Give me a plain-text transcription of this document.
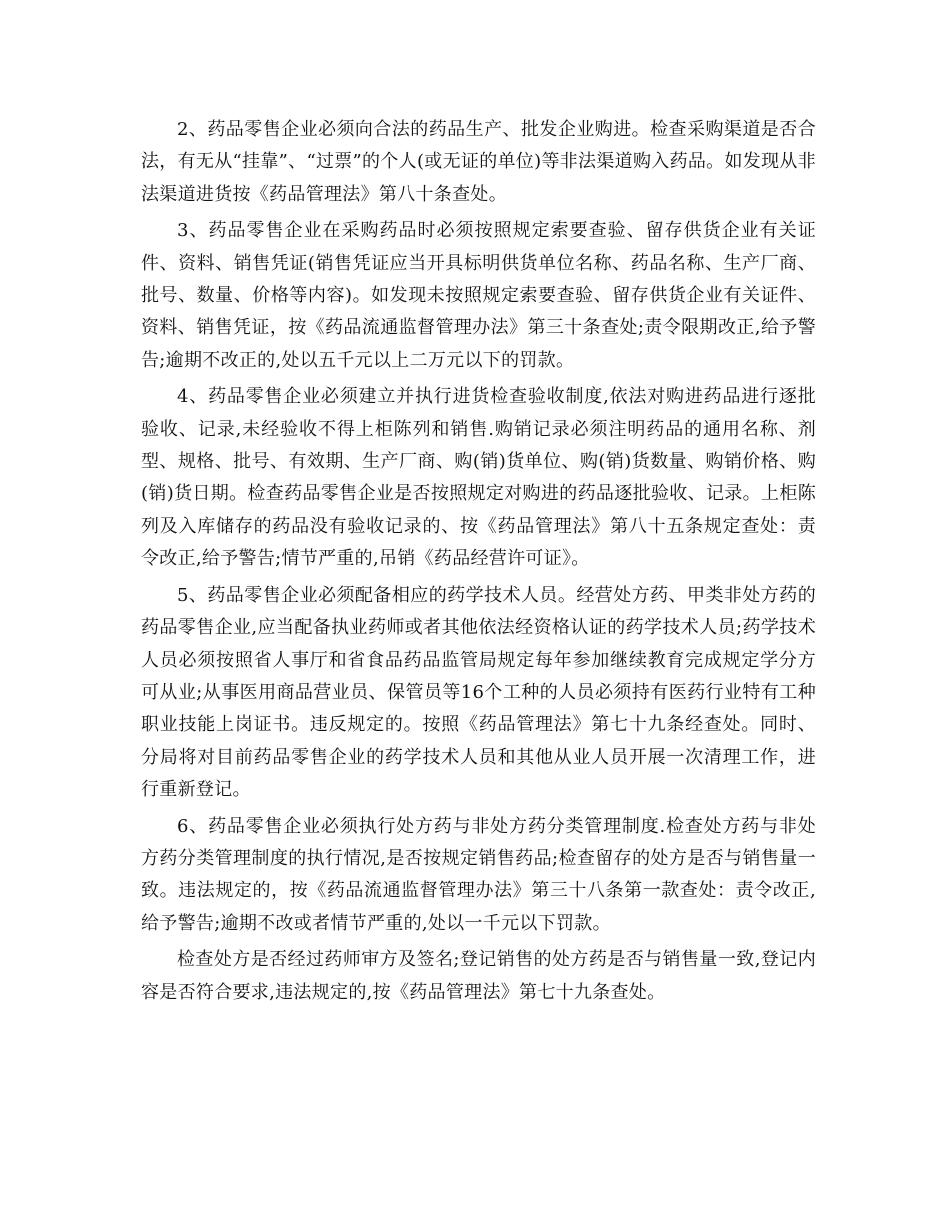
2、药品零售企业必须向合法的药品生产、批发企业购进。检查采购渠道是否合法，有无从“挂靠”、“过票”的个人(或无证的单位)等非法渠道购入药品。如发现从非法渠道进货按《药品管理法》第八十条查处。

3、药品零售企业在采购药品时必须按照规定索要查验、留存供货企业有关证件、资料、销售凭证(销售凭证应当开具标明供货单位名称、药品名称、生产厂商、批号、数量、价格等内容)。如发现未按照规定索要查验、留存供货企业有关证件、资料、销售凭证，按《药品流通监督管理办法》第三十条查处;责令限期改正,给予警告;逾期不改正的,处以五千元以上二万元以下的罚款。

4、药品零售企业必须建立并执行进货检查验收制度,依法对购进药品进行逐批验收、记录,未经验收不得上柜陈列和销售.购销记录必须注明药品的通用名称、剂型、规格、批号、有效期、生产厂商、购(销)货单位、购(销)货数量、购销价格、购(销)货日期。检查药品零售企业是否按照规定对购进的药品逐批验收、记录。上柜陈列及入库储存的药品没有验收记录的、按《药品管理法》第八十五条规定查处：责令改正,给予警告;情节严重的,吊销《药品经营许可证》。

5、药品零售企业必须配备相应的药学技术人员。经营处方药、甲类非处方药的药品零售企业,应当配备执业药师或者其他依法经资格认证的药学技术人员;药学技术人员必须按照省人事厅和省食品药品监管局规定每年参加继续教育完成规定学分方可从业;从事医用商品营业员、保管员等16个工种的人员必须持有医药行业特有工种职业技能上岗证书。违反规定的。按照《药品管理法》第七十九条经查处。同时、分局将对目前药品零售企业的药学技术人员和其他从业人员开展一次清理工作，进行重新登记。

6、药品零售企业必须执行处方药与非处方药分类管理制度.检查处方药与非处方药分类管理制度的执行情况,是否按规定销售药品;检查留存的处方是否与销售量一致。违法规定的，按《药品流通监督管理办法》第三十八条第一款查处：责令改正,给予警告;逾期不改或者情节严重的,处以一千元以下罚款。

检查处方是否经过药师审方及签名;登记销售的处方药是否与销售量一致,登记内容是否符合要求,违法规定的,按《药品管理法》第七十九条查处。
